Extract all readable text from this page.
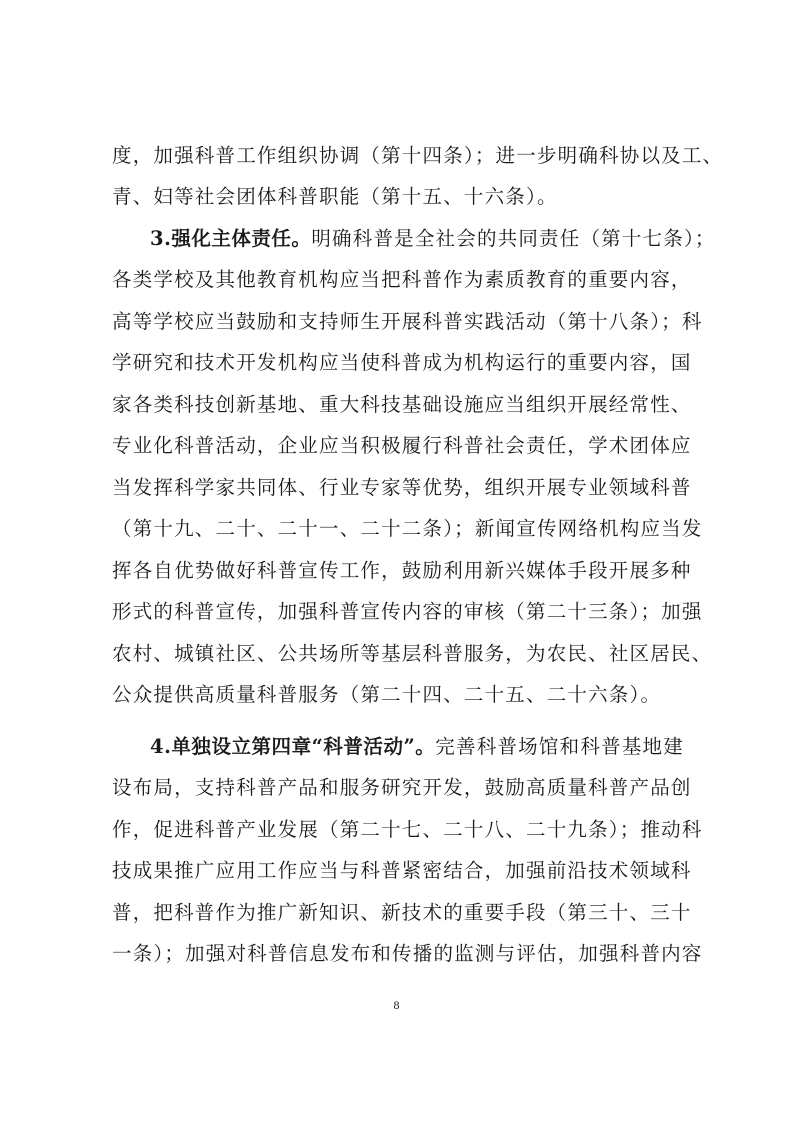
度，加强科普工作组织协调（第十四条）；进一步明确科协以及工、
青、妇等社会团体科普职能（第十五、十六条）。
3.强化主体责任。明确科普是全社会的共同责任（第十七条）；
各类学校及其他教育机构应当把科普作为素质教育的重要内容，
高等学校应当鼓励和支持师生开展科普实践活动（第十八条）；科
学研究和技术开发机构应当使科普成为机构运行的重要内容，国
家各类科技创新基地、重大科技基础设施应当组织开展经常性、
专业化科普活动，企业应当积极履行科普社会责任，学术团体应
当发挥科学家共同体、行业专家等优势，组织开展专业领域科普
（第十九、二十、二十一、二十二条）；新闻宣传网络机构应当发
挥各自优势做好科普宣传工作，鼓励利用新兴媒体手段开展多种
形式的科普宣传，加强科普宣传内容的审核（第二十三条）；加强
农村、城镇社区、公共场所等基层科普服务，为农民、社区居民、
公众提供高质量科普服务（第二十四、二十五、二十六条）。
4.单独设立第四章“科普活动”。完善科普场馆和科普基地建
设布局，支持科普产品和服务研究开发，鼓励高质量科普产品创
作，促进科普产业发展（第二十七、二十八、二十九条）；推动科
技成果推广应用工作应当与科普紧密结合，加强前沿技术领域科
普，把科普作为推广新知识、新技术的重要手段（第三十、三十
一条）；加强对科普信息发布和传播的监测与评估，加强科普内容
8
